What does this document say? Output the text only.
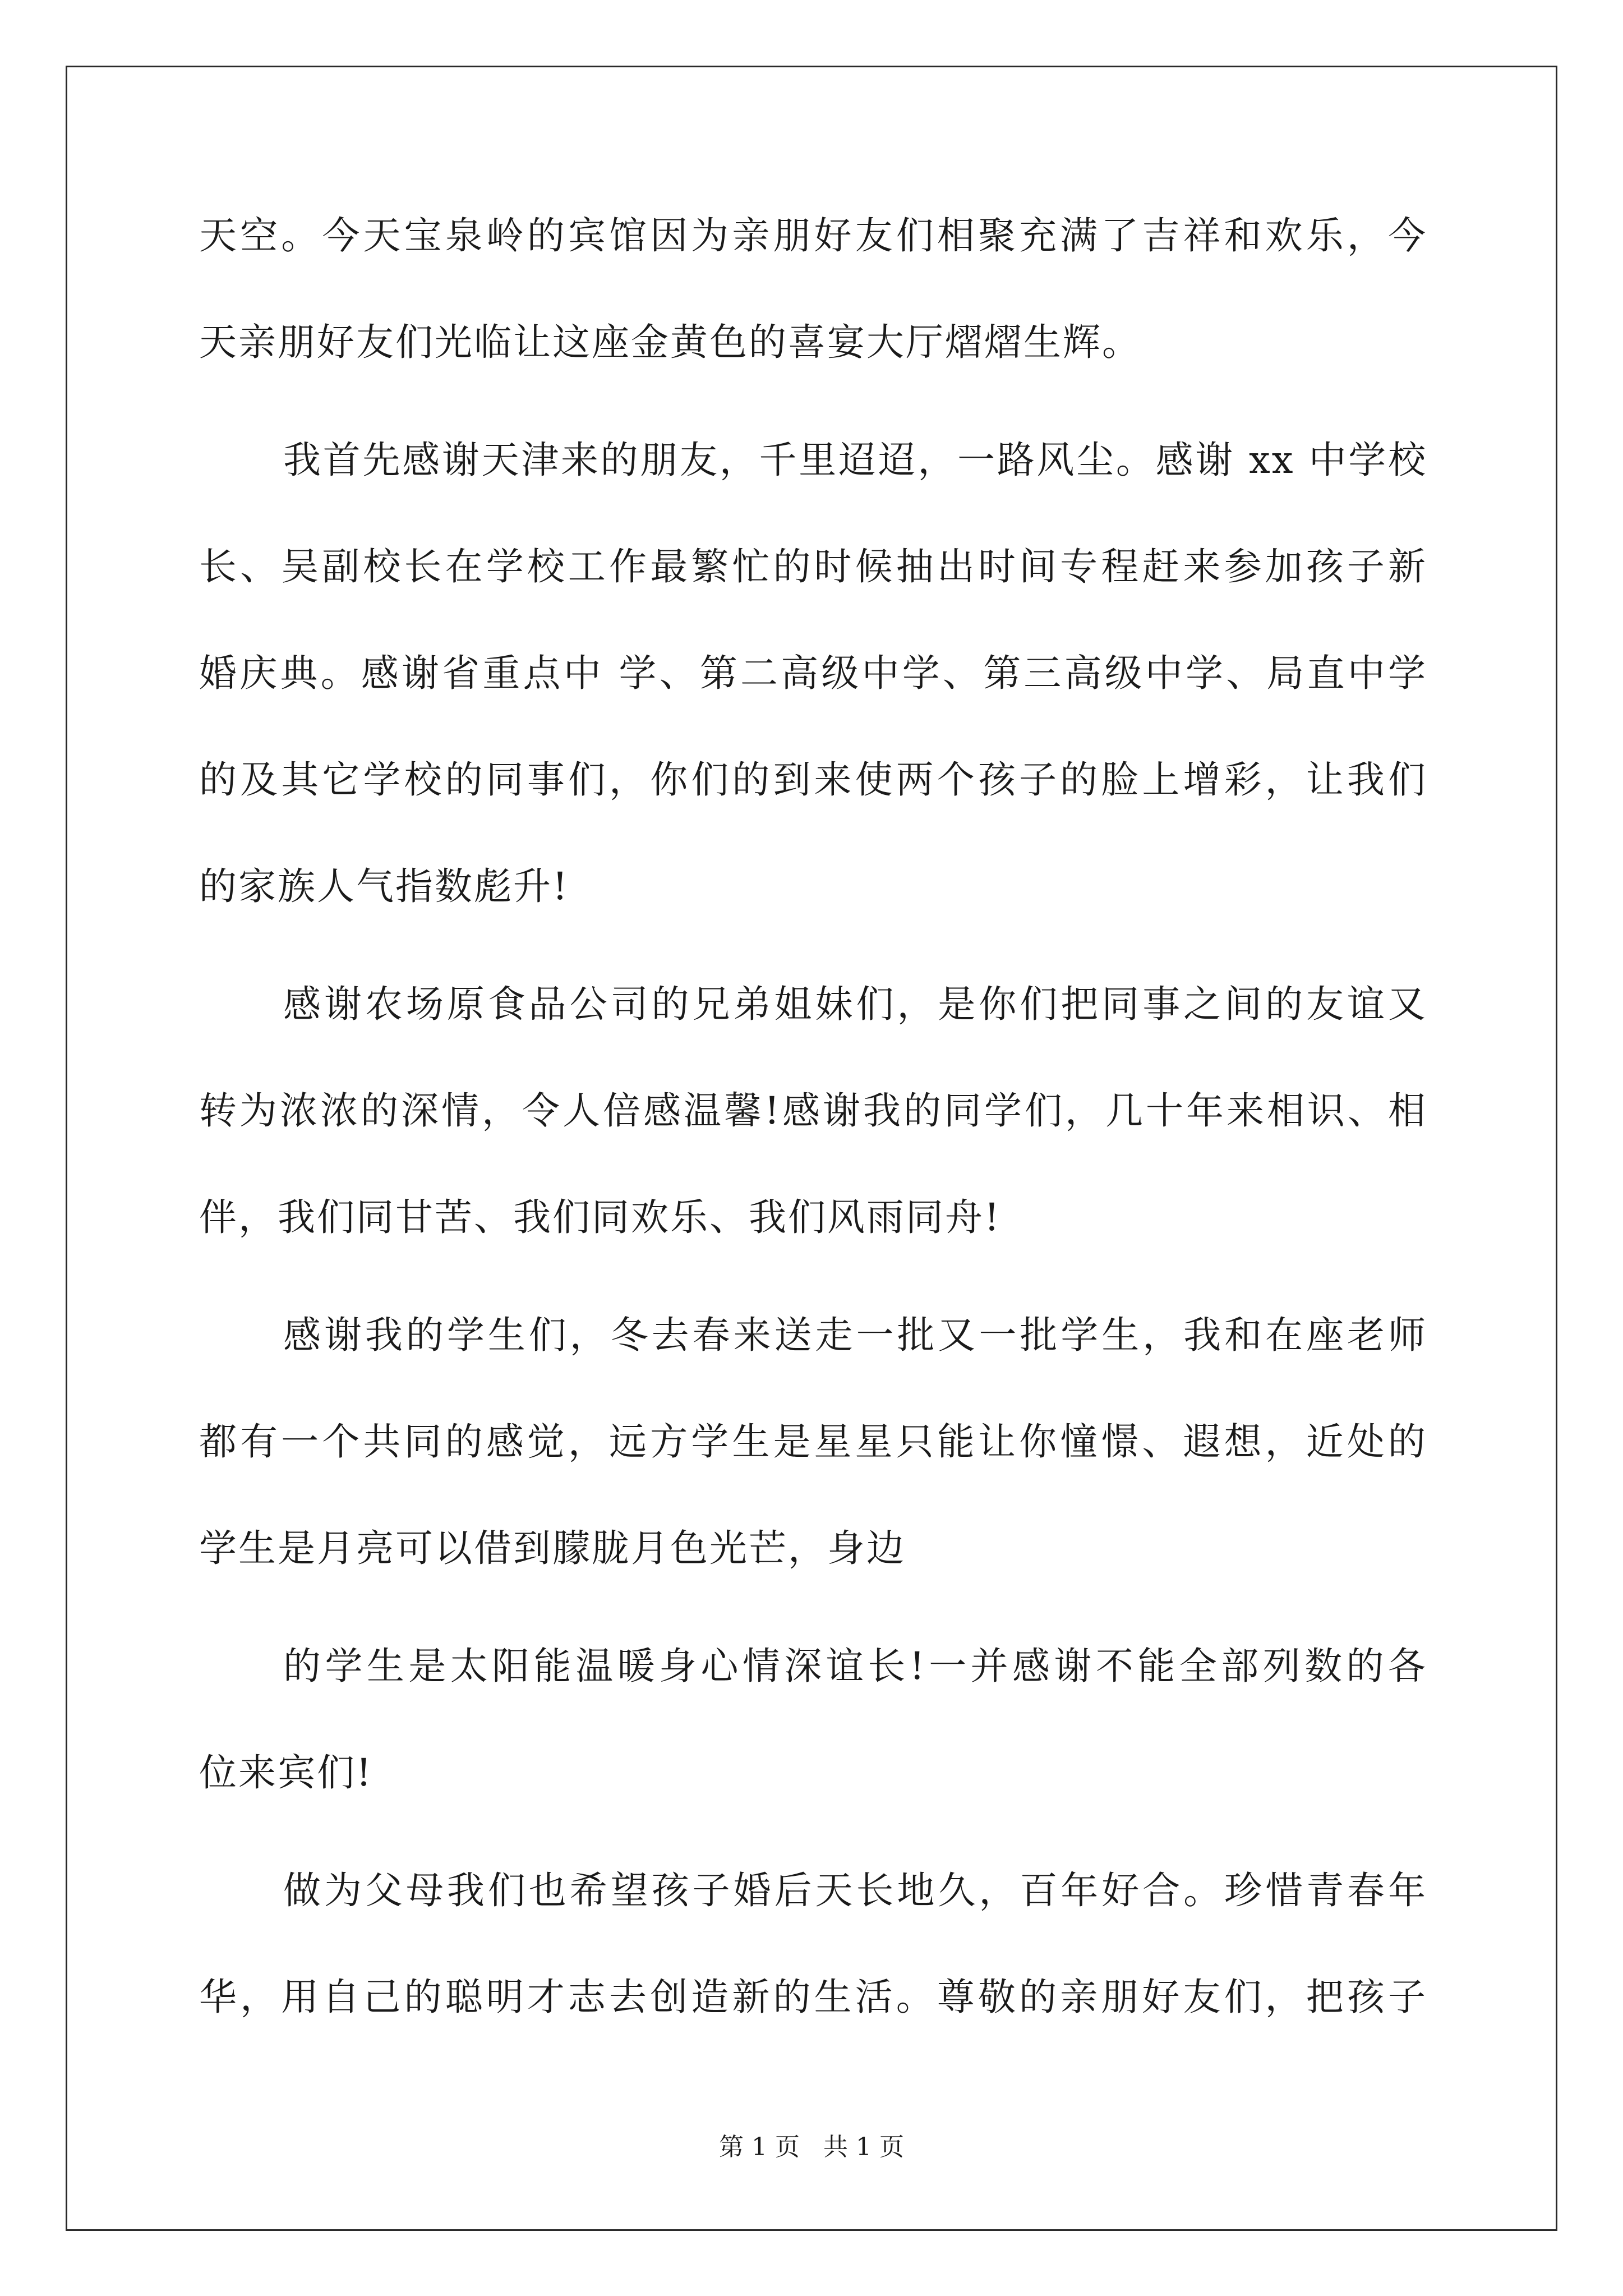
天空。今天宝泉岭的宾馆因为亲朋好友们相聚充满了吉祥和欢乐，今
天亲朋好友们光临让这座金黄色的喜宴大厅熠熠生辉。
我首先感谢天津来的朋友，千里迢迢，一路风尘。感谢 xx 中学校
长、吴副校长在学校工作最繁忙的时候抽出时间专程赶来参加孩子新
婚庆典。感谢省重点中 学、第二高级中学、第三高级中学、局直中学
的及其它学校的同事们，你们的到来使两个孩子的脸上增彩，让我们
的家族人气指数彪升!
感谢农场原食品公司的兄弟姐妹们，是你们把同事之间的友谊又
转为浓浓的深情，令人倍感温馨!感谢我的同学们，几十年来相识、相
伴，我们同甘苦、我们同欢乐、我们风雨同舟!
感谢我的学生们，冬去春来送走一批又一批学生，我和在座老师
都有一个共同的感觉，远方学生是星星只能让你憧憬、遐想，近处的
学生是月亮可以借到朦胧月色光芒，身边
的学生是太阳能温暖身心情深谊长!一并感谢不能全部列数的各
位来宾们!
做为父母我们也希望孩子婚后天长地久，百年好合。珍惜青春年
华，用自己的聪明才志去创造新的生活。尊敬的亲朋好友们，把孩子
第 1 页 共 1 页
